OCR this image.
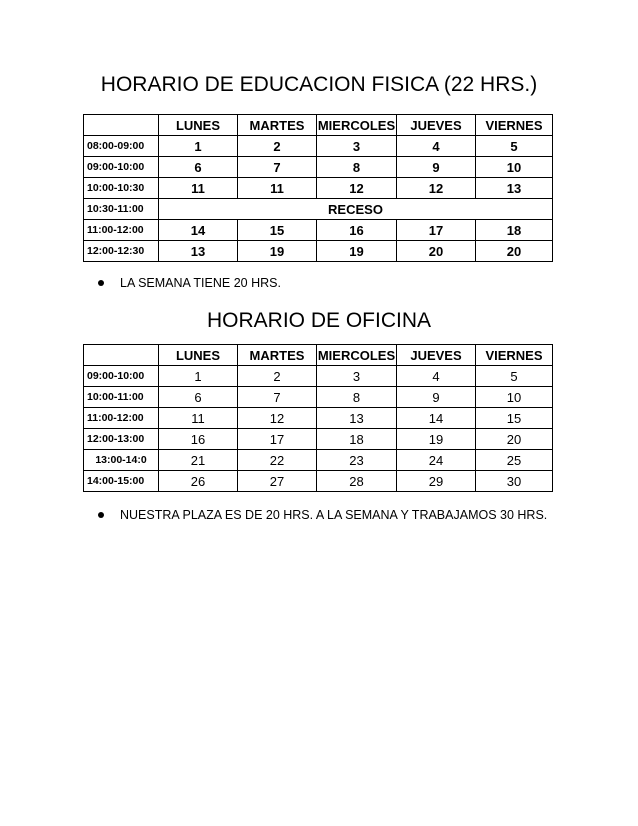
HORARIO DE EDUCACION FISICA (22 HRS.)
	LUNES	MARTES	MIERCOLES	JUEVES	VIERNES
08:00-09:00	1	2	3	4	5
09:00-10:00	6	7	8	9	10
10:00-10:30	11	11	12	12	13
10:30-11:00	RECESO				
11:00-12:00	14	15	16	17	18
12:00-12:30	13	19	19	20	20
LA SEMANA TIENE 20 HRS.
HORARIO DE OFICINA
	LUNES	MARTES	MIERCOLES	JUEVES	VIERNES
09:00-10:00	1	2	3	4	5
10:00-11:00	6	7	8	9	10
11:00-12:00	11	12	13	14	15
12:00-13:00	16	17	18	19	20
13:00-14:0	21	22	23	24	25
14:00-15:00	26	27	28	29	30
NUESTRA PLAZA ES DE 20 HRS. A LA SEMANA Y TRABAJAMOS 30 HRS.
